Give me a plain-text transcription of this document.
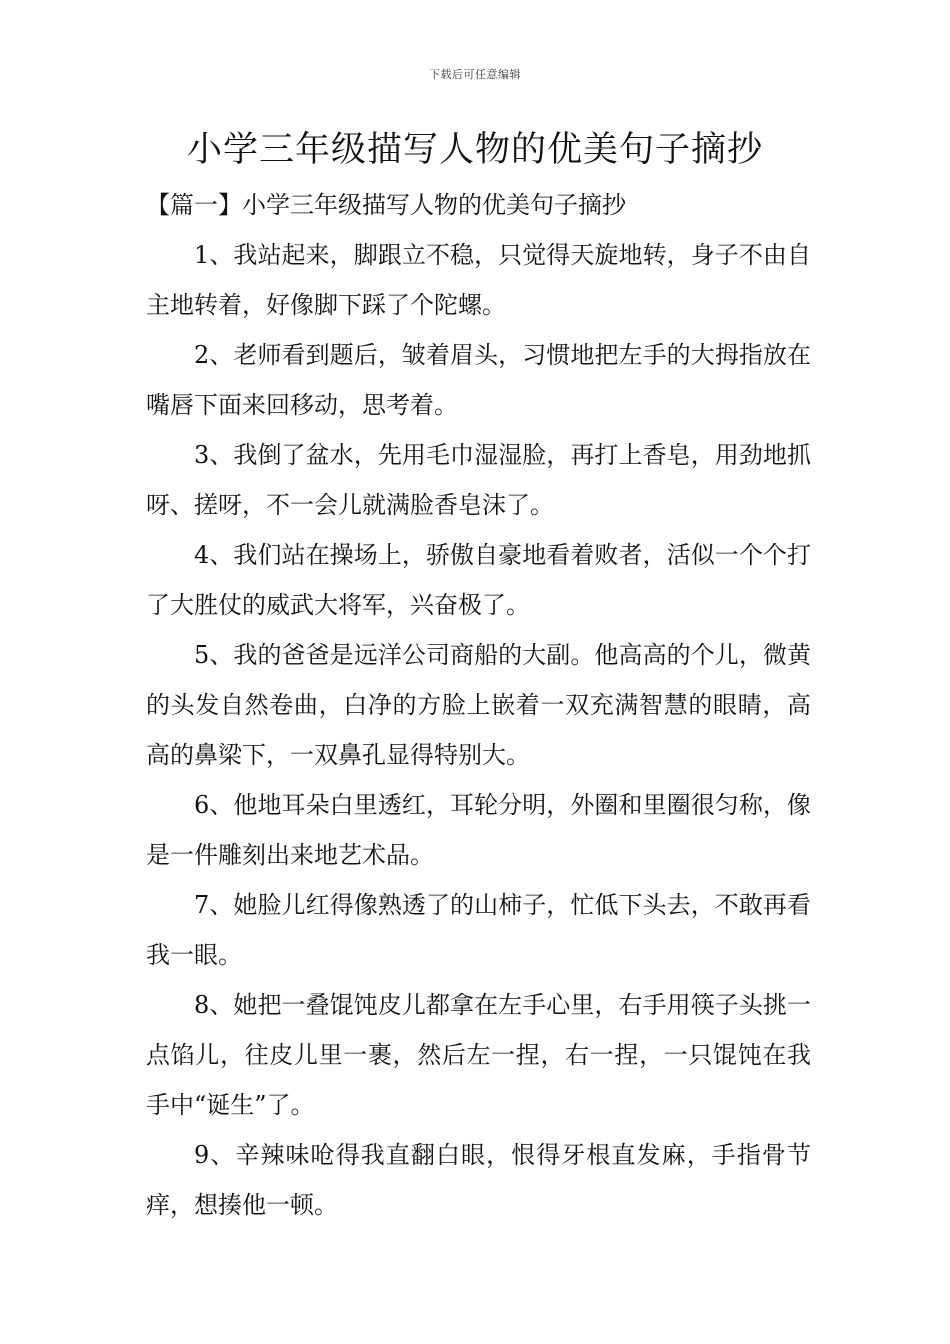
下载后可任意编辑
小学三年级描写人物的优美句子摘抄

【篇一】小学三年级描写人物的优美句子摘抄

1、我站起来，脚跟立不稳，只觉得天旋地转，身子不由自主地转着，好像脚下踩了个陀螺。

2、老师看到题后，皱着眉头，习惯地把左手的大拇指放在嘴唇下面来回移动，思考着。

3、我倒了盆水，先用毛巾湿湿脸，再打上香皂，用劲地抓呀、搓呀，不一会儿就满脸香皂沫了。

4、我们站在操场上，骄傲自豪地看着败者，活似一个个打了大胜仗的威武大将军，兴奋极了。

5、我的爸爸是远洋公司商船的大副。他高高的个儿，微黄的头发自然卷曲，白净的方脸上嵌着一双充满智慧的眼睛，高高的鼻梁下，一双鼻孔显得特别大。

6、他地耳朵白里透红，耳轮分明，外圈和里圈很匀称，像是一件雕刻出来地艺术品。

7、她脸儿红得像熟透了的山柿子，忙低下头去，不敢再看我一眼。

8、她把一叠馄饨皮儿都拿在左手心里，右手用筷子头挑一点馅儿，往皮儿里一裹，然后左一捏，右一捏，一只馄饨在我手中“诞生”了。

9、辛辣味呛得我直翻白眼，恨得牙根直发麻，手指骨节痒，想揍他一顿。
